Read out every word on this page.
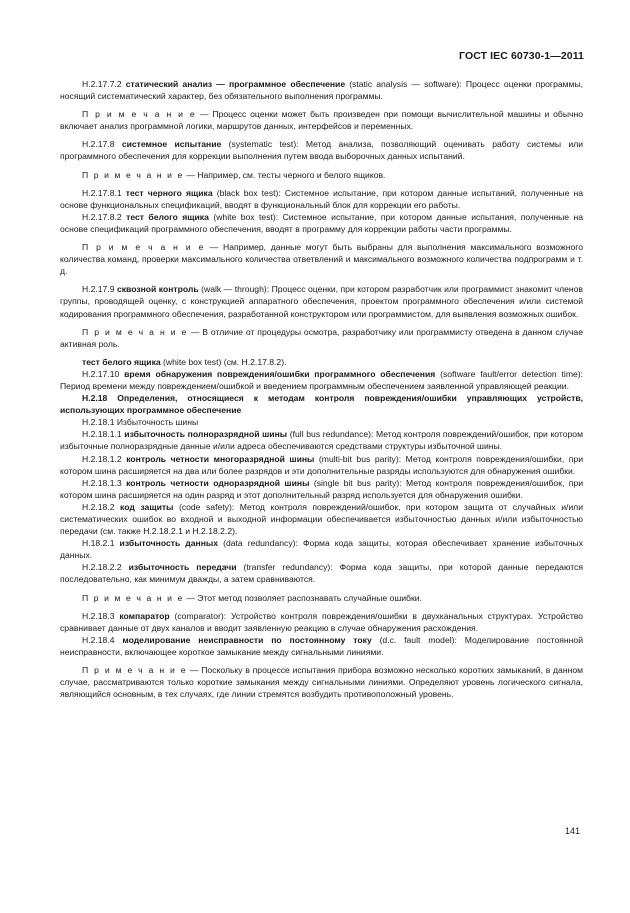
ГОСТ IEC 60730-1—2011

H.2.17.7.2 статический анализ — программное обеспечение (static analysis — software): Процесс оценки программы, носящий систематический характер, без обязательного выполнения программы.

П р и м е ч а н и е — Процесс оценки может быть произведен при помощи вычислительной машины и обычно включает анализ программной логики, маршрутов данных, интерфейсов и переменных.

H.2.17.8 системное испытание (systematic test): Метод анализа, позволяющий оценивать работу системы или программного обеспечения для коррекции выполнения путем ввода выборочных данных испытаний.

П р и м е ч а н и е — Например, см. тесты черного и белого ящиков.

H.2.17.8.1 тест черного ящика (black box test): Системное испытание, при котором данные испытаний, полученные на основе функциональных спецификаций, вводят в функциональный блок для коррекции его работы.

H.2.17.8.2 тест белого ящика (white box test): Системное испытание, при котором данные испытания, полученные на основе спецификаций программного обеспечения, вводят в программу для коррекции работы части программы.

П р и м е ч а н и е — Например, данные могут быть выбраны для выполнения максимального возможного количества команд, проверки максимального количества ответвлений и максимального возможного количества подпрограмм и т. д.

H.2.17.9 сквозной контроль (walk — through): Процесс оценки, при котором разработчик или программист знакомит членов группы, проводящей оценку, с конструкцией аппаратного обеспечения, проектом программного обеспечения и/или системой кодирования программного обеспечения, разработанной конструктором или программистом, для выявления возможных ошибок.

П р и м е ч а н и е — В отличие от процедуры осмотра, разработчику или программисту отведена в данном случае активная роль.

тест белого ящика (white box test) (см. H.2.17.8.2).

H.2.17.10 время обнаружения повреждения/ошибки программного обеспечения (software fault/error detection time): Период времени между повреждением/ошибкой и введением программным обеспечением заявленной управляющей реакции.

H.2.18 Определения, относящиеся к методам контроля повреждения/ошибки управляющих устройств, использующих программное обеспечение

H.2.18.1 Избыточность шины

H.2.18.1.1 избыточность полноразрядной шины (full bus redundance): Метод контроля повреждений/ошибок, при котором избыточные полноразрядные данные и/или адреса обеспечиваются средствами структуры избыточной шины.

H.2.18.1.2 контроль четности многоразрядной шины (multi-bit bus parity): Метод контроля повреждения/ошибки, при котором шина расширяется на два или более разрядов и эти дополнительные разряды используются для обнаружения ошибки.

H.2.18.1.3 контроль четности одноразрядной шины (single bit bus parity): Метод контроля повреждения/ошибок, при котором шина расширяется на один разряд и этот дополнительный разряд используется для обнаружения ошибки.

H.2.18.2 код защиты (code safety): Метод контроля повреждений/ошибок, при котором защита от случайных и/или систематических ошибок во входной и выходной информации обеспечивается избыточностью данных и/или избыточностью передачи (см. также H.2.18.2.1 и H.2.18.2.2).

H.18.2.1 избыточность данных (data redundancy): Форма кода защиты, которая обеспечивает хранение избыточных данных.

H.2.18.2.2 избыточность передачи (transfer redundancy): Форма кода защиты, при которой данные передаются последовательно, как минимум дважды, а затем сравниваются.

П р и м е ч а н и е — Этот метод позволяет распознавать случайные ошибки.

H.2.18.3 компаратор (comparator): Устройство контроля повреждения/ошибки в двухканальных структурах. Устройство сравнивает данные от двух каналов и вводит заявленную реакцию в случае обнаружения расхождения.

H.2.18.4 моделирование неисправности по постоянному току (d.c. fault model): Моделирование постоянной неисправности, включающее короткое замыкание между сигнальными линиями.

П р и м е ч а н и е — Поскольку в процессе испытания прибора возможно несколько коротких замыканий, в данном случае, рассматриваются только короткие замыкания между сигнальными линиями. Определяют уровень логического сигнала, являющийся основным, в тех случаях, где линии стремятся возбудить противоположный уровень.

141
